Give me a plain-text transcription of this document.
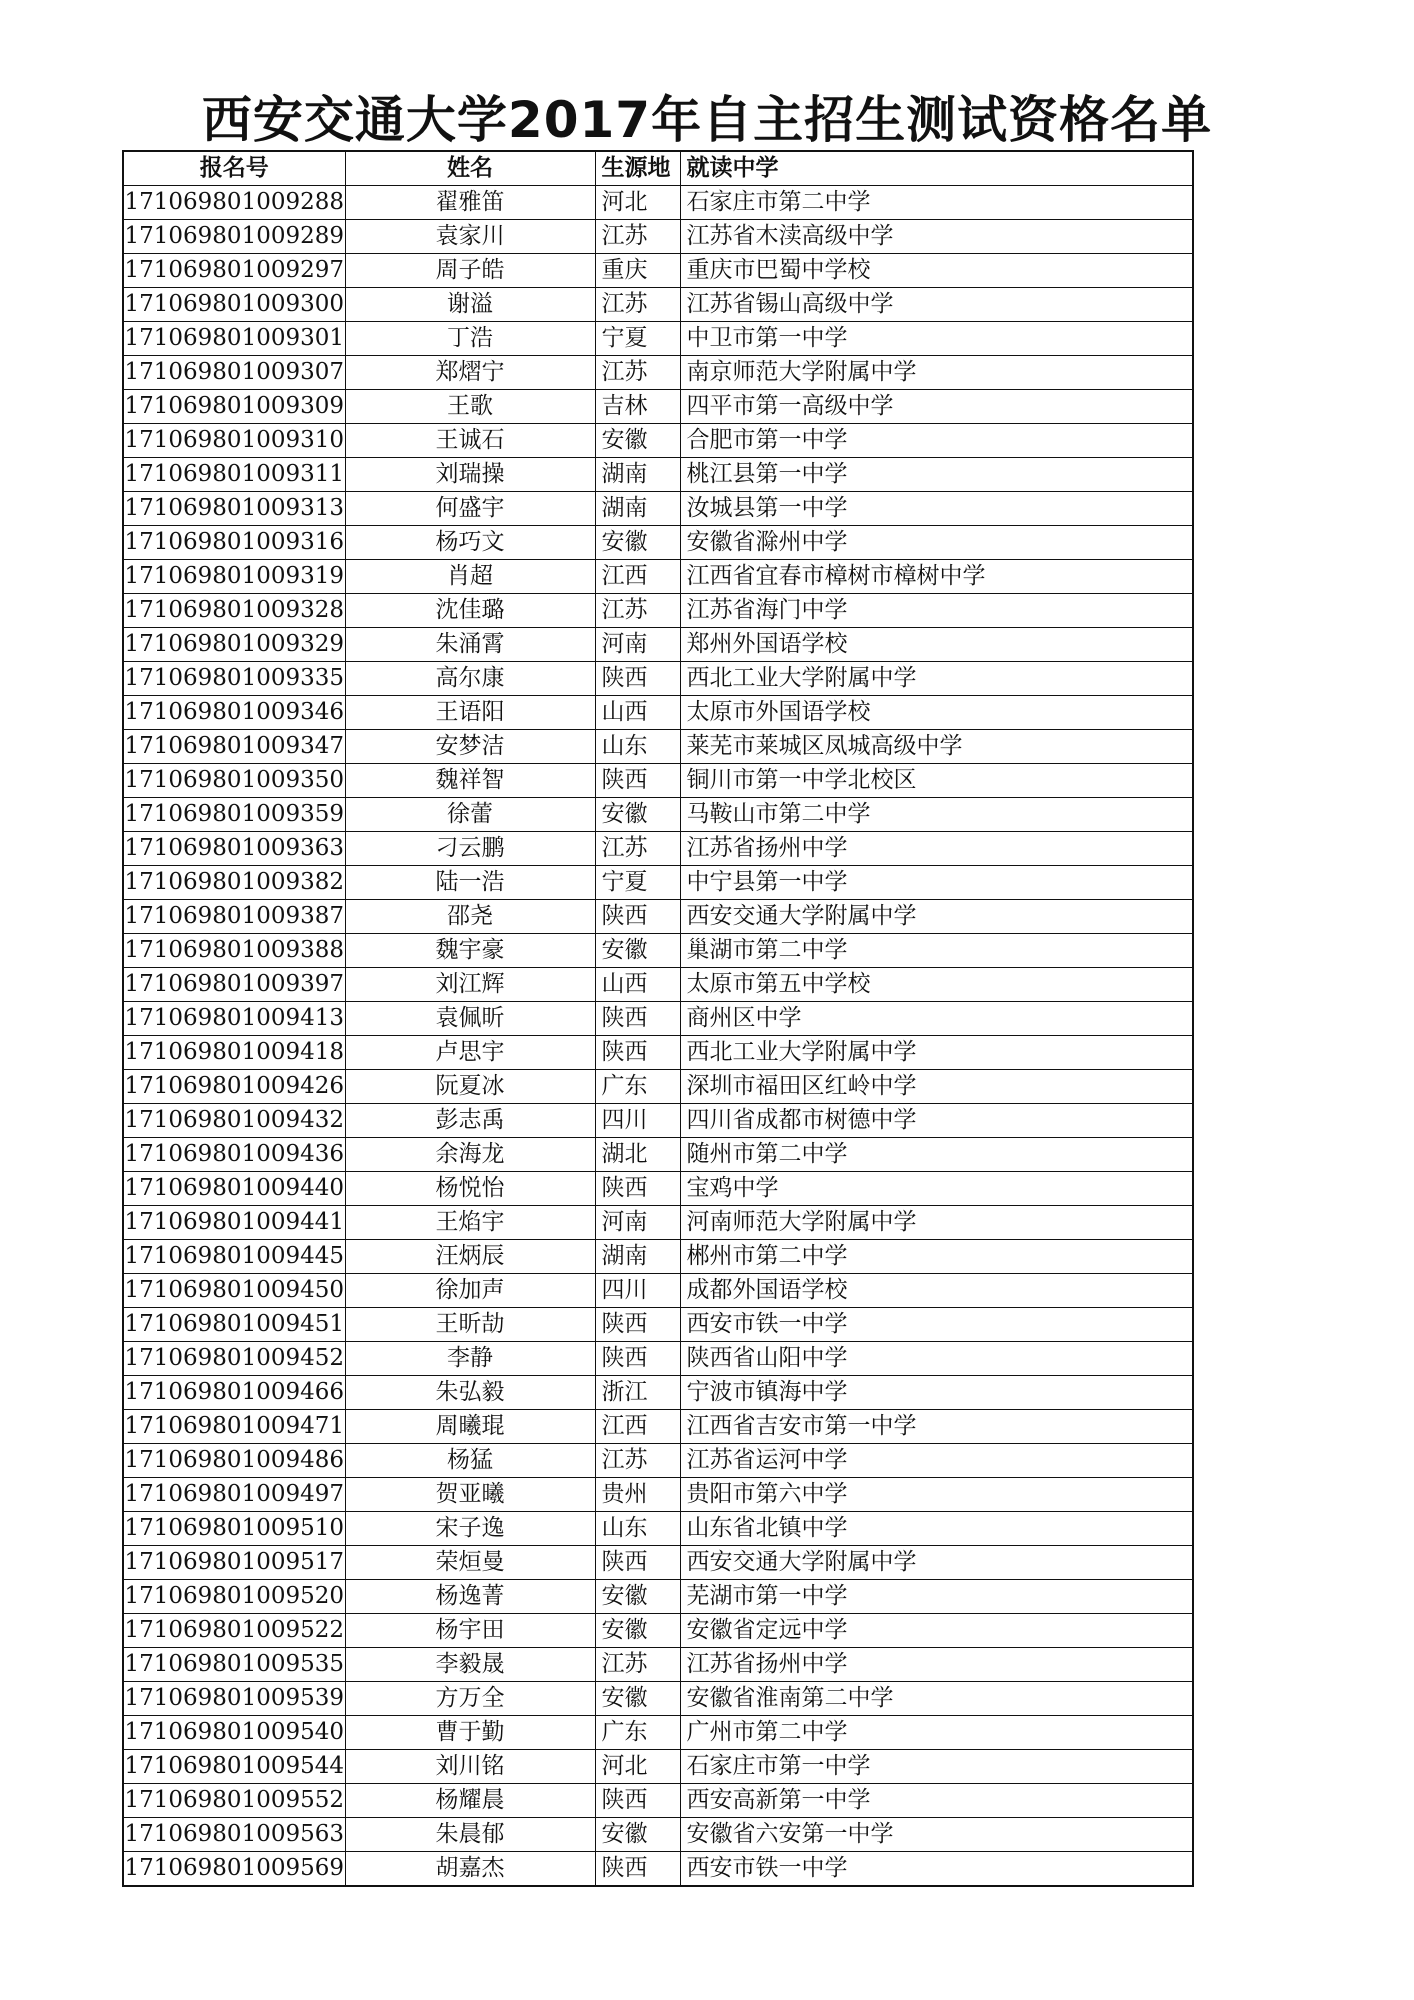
西安交通大学2017年自主招生测试资格名单
报名号	姓名	生源地	就读中学
171069801009288	翟雅笛	河北	石家庄市第二中学
171069801009289	袁家川	江苏	江苏省木渎高级中学
171069801009297	周子皓	重庆	重庆市巴蜀中学校
171069801009300	谢溢	江苏	江苏省锡山高级中学
171069801009301	丁浩	宁夏	中卫市第一中学
171069801009307	郑熠宁	江苏	南京师范大学附属中学
171069801009309	王歌	吉林	四平市第一高级中学
171069801009310	王诚石	安徽	合肥市第一中学
171069801009311	刘瑞操	湖南	桃江县第一中学
171069801009313	何盛宇	湖南	汝城县第一中学
171069801009316	杨巧文	安徽	安徽省滁州中学
171069801009319	肖超	江西	江西省宜春市樟树市樟树中学
171069801009328	沈佳璐	江苏	江苏省海门中学
171069801009329	朱涌霄	河南	郑州外国语学校
171069801009335	高尔康	陕西	西北工业大学附属中学
171069801009346	王语阳	山西	太原市外国语学校
171069801009347	安梦洁	山东	莱芜市莱城区凤城高级中学
171069801009350	魏祥智	陕西	铜川市第一中学北校区
171069801009359	徐蕾	安徽	马鞍山市第二中学
171069801009363	刁云鹏	江苏	江苏省扬州中学
171069801009382	陆一浩	宁夏	中宁县第一中学
171069801009387	邵尧	陕西	西安交通大学附属中学
171069801009388	魏宇豪	安徽	巢湖市第二中学
171069801009397	刘江辉	山西	太原市第五中学校
171069801009413	袁佩昕	陕西	商州区中学
171069801009418	卢思宇	陕西	西北工业大学附属中学
171069801009426	阮夏冰	广东	深圳市福田区红岭中学
171069801009432	彭志禹	四川	四川省成都市树德中学
171069801009436	余海龙	湖北	随州市第二中学
171069801009440	杨悦怡	陕西	宝鸡中学
171069801009441	王焰宇	河南	河南师范大学附属中学
171069801009445	汪炳辰	湖南	郴州市第二中学
171069801009450	徐加声	四川	成都外国语学校
171069801009451	王昕劼	陕西	西安市铁一中学
171069801009452	李静	陕西	陕西省山阳中学
171069801009466	朱弘毅	浙江	宁波市镇海中学
171069801009471	周曦琨	江西	江西省吉安市第一中学
171069801009486	杨猛	江苏	江苏省运河中学
171069801009497	贺亚曦	贵州	贵阳市第六中学
171069801009510	宋子逸	山东	山东省北镇中学
171069801009517	荣烜曼	陕西	西安交通大学附属中学
171069801009520	杨逸菁	安徽	芜湖市第一中学
171069801009522	杨宇田	安徽	安徽省定远中学
171069801009535	李毅晟	江苏	江苏省扬州中学
171069801009539	方万全	安徽	安徽省淮南第二中学
171069801009540	曹于勤	广东	广州市第二中学
171069801009544	刘川铭	河北	石家庄市第一中学
171069801009552	杨耀晨	陕西	西安高新第一中学
171069801009563	朱晨郁	安徽	安徽省六安第一中学
171069801009569	胡嘉杰	陕西	西安市铁一中学
